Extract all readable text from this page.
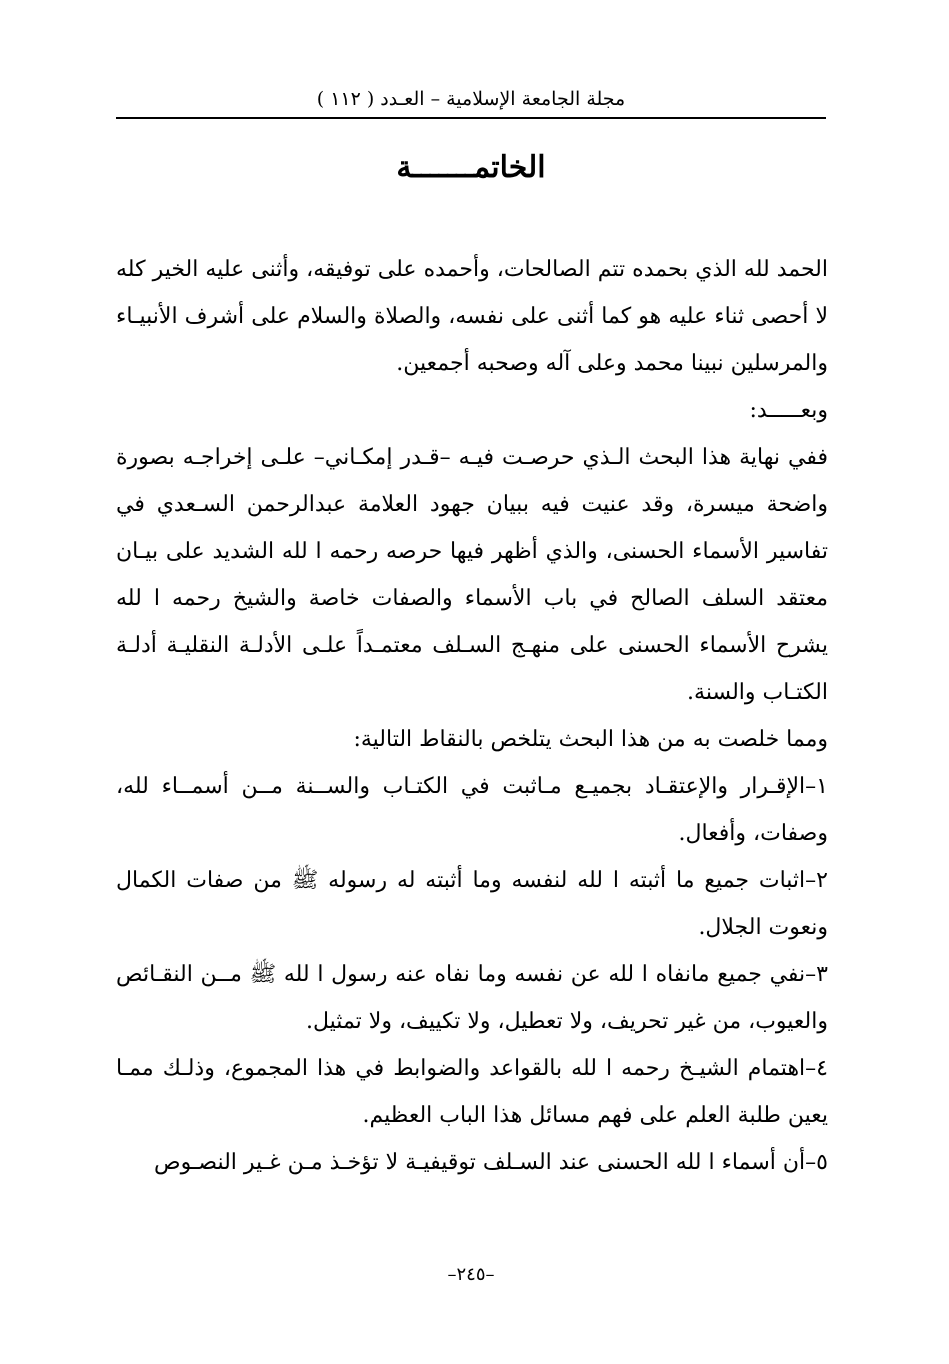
مجلة الجامعة الإسلامية – العـدد ( ١١٢ )
الخاتمـــــــة

الحمد لله الذي بحمده تتم الصالحات، وأحمده على توفيقه، وأثنى عليه الخير كله لا أحصى ثناء عليه هو كما أثنى على نفسه، والصلاة والسلام على أشرف الأنبيـاء والمرسلين نبينا محمد وعلى آله وصحبه أجمعين.

وبعـــــد:

ففي نهاية هذا البحث الـذي حرصـت فيـه –قـدر إمكـاني– علـى إخراجـه بصورة واضحة ميسرة، وقد عنيت فيه ببيان جهود العلامة عبدالرحمن السـعدي في تفاسير الأسماء الحسنى، والذي أظهر فيها حرصه رحمه ا لله الشديد على بيـان معتقد السلف الصالح في باب الأسماء والصفات خاصة والشيخ رحمه ا لله يشرح الأسماء الحسنى على منهـج السـلف معتمـداً علـى الأدلـة النقليـة أدلـة الكتـاب والسنة.

ومما خلصت به من هذا البحث يتلخص بالنقاط التالية:

١–الإقـرار والإعتقـاد بجميـع مـاثبت في الكتـاب والســنة مــن أسمــاء لله، وصفات، وأفعال.

٢–اثبات جميع ما أثبته ا لله لنفسه وما أثبته له رسوله ﷺ من صفات الكمال ونعوت الجلال.

٣–نفي جميع مانفاه ا لله عن نفسه وما نفاه عنه رسول ا لله ﷺ مــن النقـائص والعيوب، من غير تحريف، ولا تعطيل، ولا تكييف، ولا تمثيل.

٤–اهتمام الشيـخ رحمه ا لله بالقواعد والضوابط في هذا المجموع، وذلـك ممـا يعين طلبة العلم على فهم مسائل هذا الباب العظيم.

٥–أن أسماء ا لله الحسنى عند السـلف توقيفيـة لا تؤخـذ مـن غـير النصـوص

–٢٤٥–
